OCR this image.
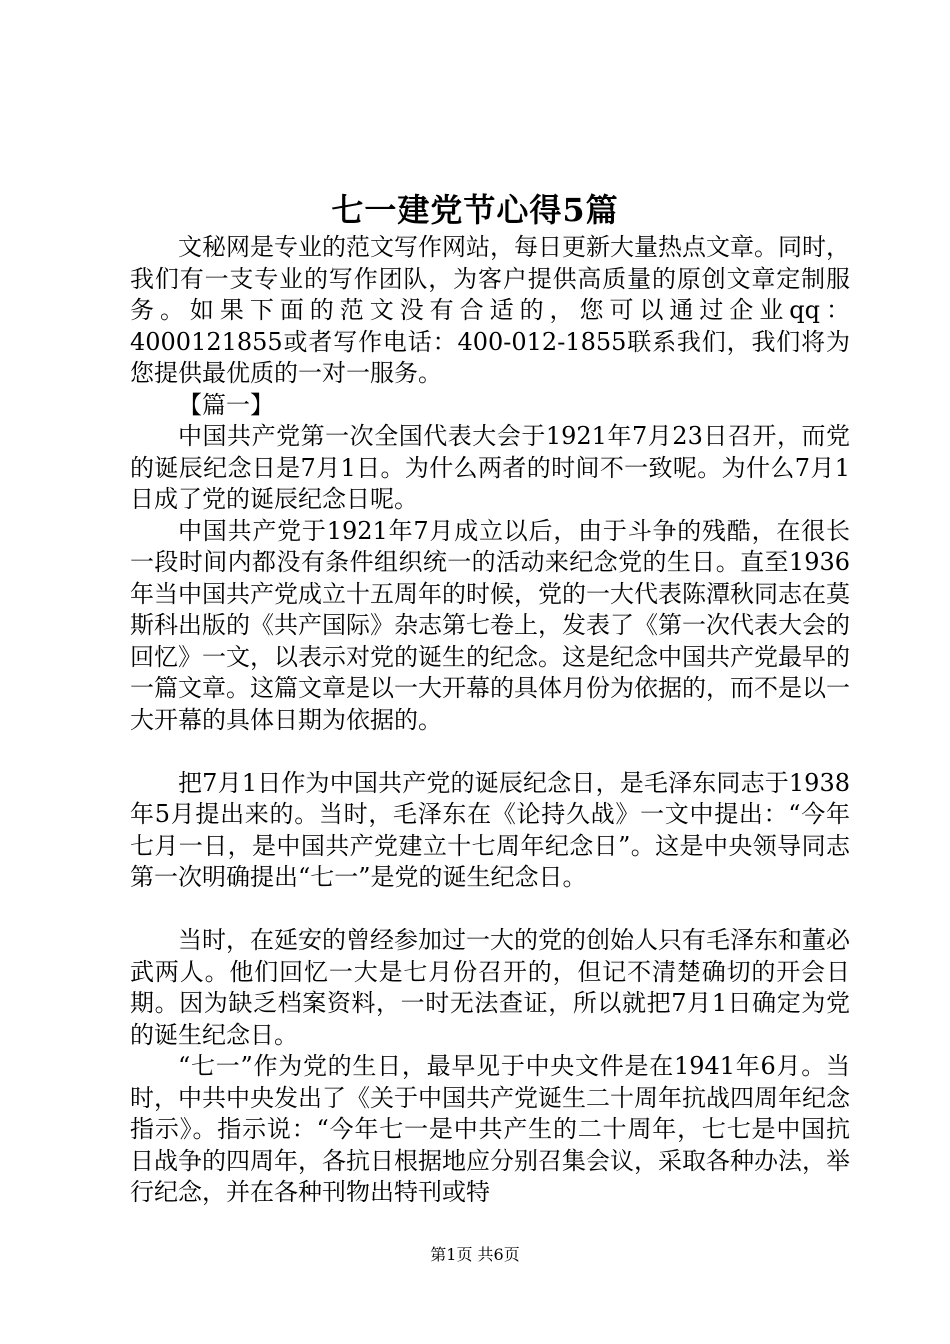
七一建党节心得5篇

文秘网是专业的范文写作网站，每日更新大量热点文章。同时，我们有一支专业的写作团队，为客户提供高质量的原创文章定制服务。如果下面的范文没有合适的，您可以通过企业qq：4000121855或者写作电话：400-012-1855联系我们，我们将为您提供最优质的一对一服务。

【篇一】

中国共产党第一次全国代表大会于1921年7月23日召开，而党的诞辰纪念日是7月1日。为什么两者的时间不一致呢。为什么7月1日成了党的诞辰纪念日呢。

中国共产党于1921年7月成立以后，由于斗争的残酷，在很长一段时间内都没有条件组织统一的活动来纪念党的生日。直至1936年当中国共产党成立十五周年的时候，党的一大代表陈潭秋同志在莫斯科出版的《共产国际》杂志第七卷上，发表了《第一次代表大会的回忆》一文，以表示对党的诞生的纪念。这是纪念中国共产党最早的一篇文章。这篇文章是以一大开幕的具体月份为依据的，而不是以一大开幕的具体日期为依据的。

把7月1日作为中国共产党的诞辰纪念日，是毛泽东同志于1938年5月提出来的。当时，毛泽东在《论持久战》一文中提出：“今年七月一日，是中国共产党建立十七周年纪念日”。这是中央领导同志第一次明确提出“七一”是党的诞生纪念日。

当时，在延安的曾经参加过一大的党的创始人只有毛泽东和董必武两人。他们回忆一大是七月份召开的，但记不清楚确切的开会日期。因为缺乏档案资料，一时无法查证，所以就把7月1日确定为党的诞生纪念日。

“七一”作为党的生日，最早见于中央文件是在1941年6月。当时，中共中央发出了《关于中国共产党诞生二十周年抗战四周年纪念指示》。指示说：“今年七一是中共产生的二十周年，七七是中国抗日战争的四周年，各抗日根据地应分别召集会议，采取各种办法，举行纪念，并在各种刊物出特刊或特

第1页 共6页
